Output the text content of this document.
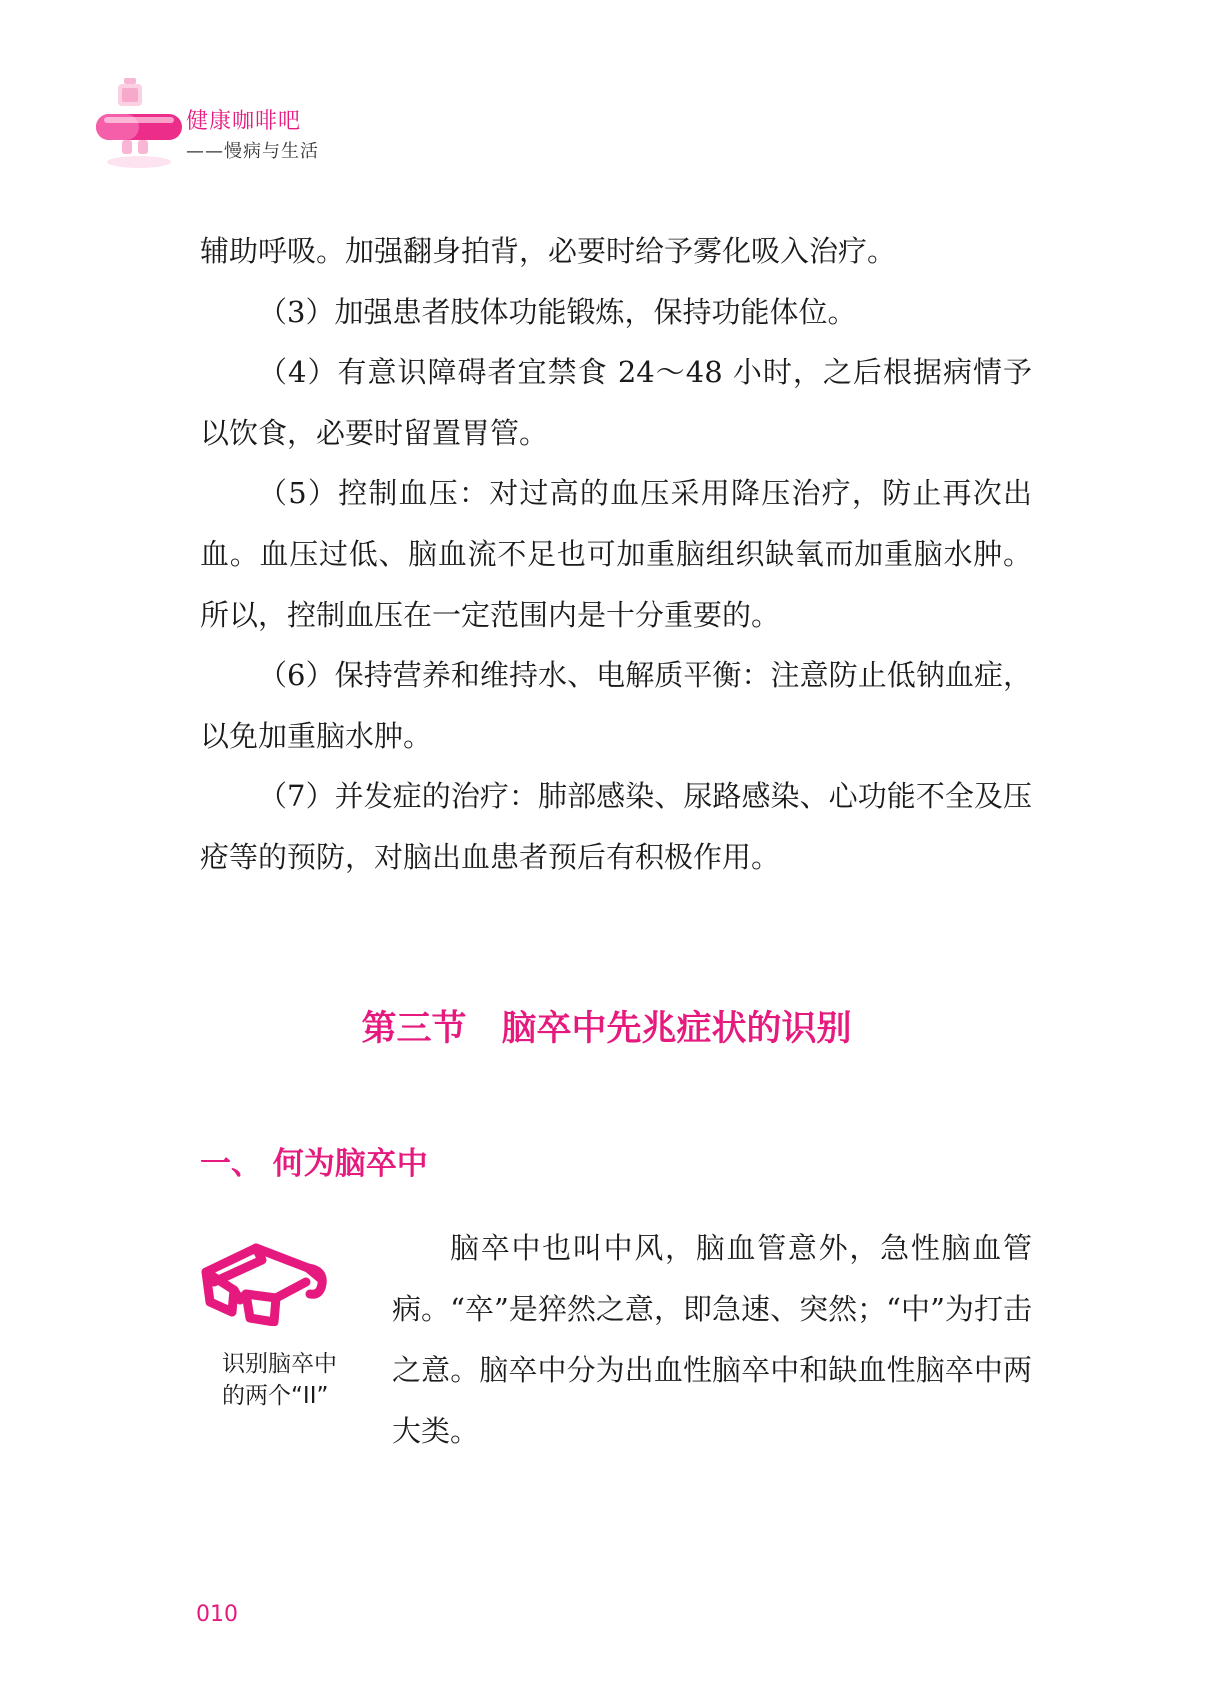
健康咖啡吧
——慢病与生活

辅助呼吸。加强翻身拍背，必要时给予雾化吸入治疗。

（3）加强患者肢体功能锻炼，保持功能体位。

（4）有意识障碍者宜禁食 24～48 小时，之后根据病情予以饮食，必要时留置胃管。

（5）控制血压：对过高的血压采用降压治疗，防止再次出血。血压过低、脑血流不足也可加重脑组织缺氧而加重脑水肿。所以，控制血压在一定范围内是十分重要的。

（6）保持营养和维持水、电解质平衡：注意防止低钠血症，以免加重脑水肿。

（7）并发症的治疗：肺部感染、尿路感染、心功能不全及压疮等的预防，对脑出血患者预后有积极作用。

第三节　脑卒中先兆症状的识别
一、 何为脑卒中
识别脑卒中
的两个“II”

脑卒中也叫中风，脑血管意外，急性脑血管病。“卒”是猝然之意，即急速、突然；“中”为打击之意。脑卒中分为出血性脑卒中和缺血性脑卒中两大类。

010
